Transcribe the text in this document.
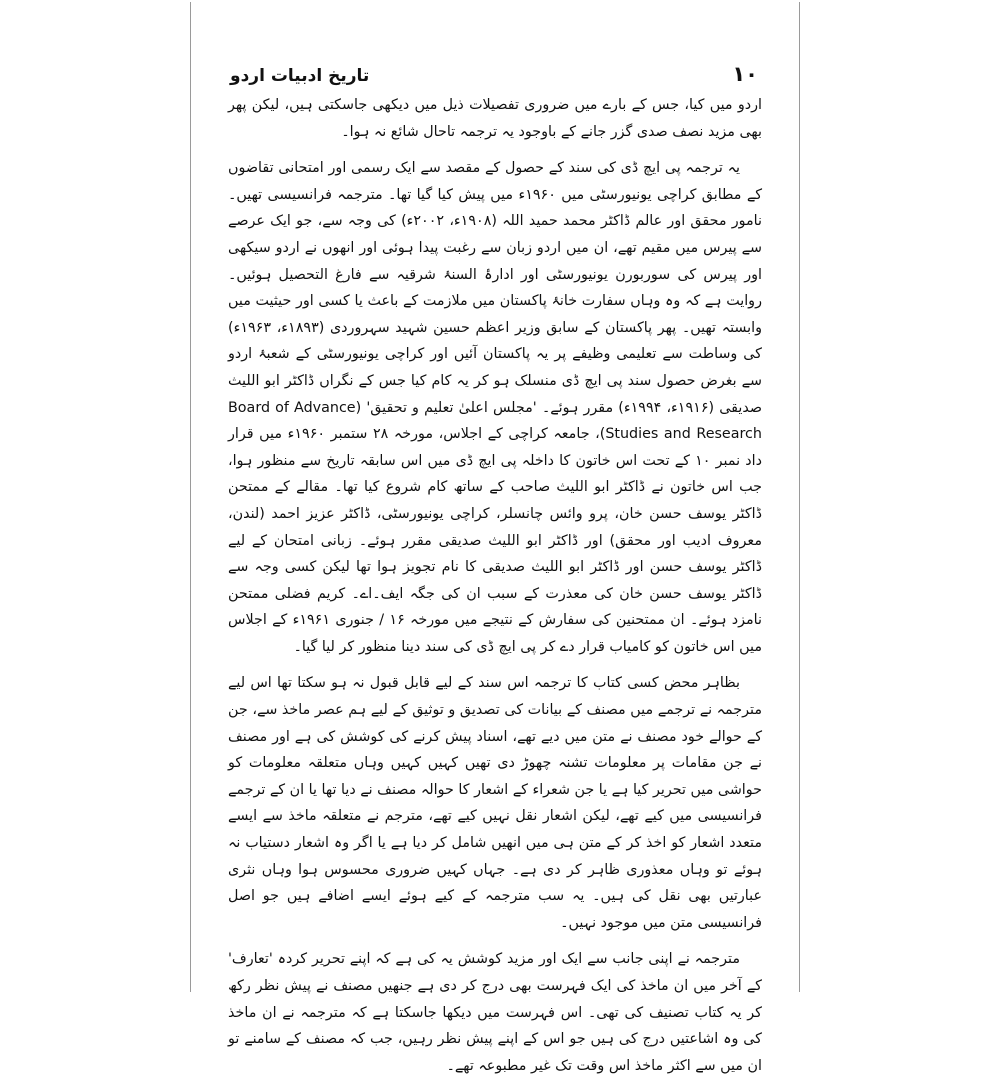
۱۰
تاریخ ادبیات اردو

اردو میں کیا، جس کے بارے میں ضروری تفصیلات ذیل میں دیکھی جاسکتی ہیں، لیکن پھر بھی مزید نصف صدی گزر جانے کے باوجود یہ ترجمہ تاحال شائع نہ ہوا۔

یہ ترجمہ پی ایچ ڈی کی سند کے حصول کے مقصد سے ایک رسمی اور امتحانی تقاضوں کے مطابق کراچی یونیورسٹی میں ۱۹۶۰ء میں پیش کیا گیا تھا۔ مترجمہ فرانسیسی تھیں۔ نامور محقق اور عالم ڈاکٹر محمد حمید اللہ (۱۹۰۸ء، ۲۰۰۲ء) کی وجہ سے، جو ایک عرصے سے پیرس میں مقیم تھے، ان میں اردو زبان سے رغبت پیدا ہوئی اور انھوں نے اردو سیکھی اور پیرس کی سوربورن یونیورسٹی اور ادارۂ السنۂ شرقیہ سے فارغ التحصیل ہوئیں۔ روایت ہے کہ وہ وہاں سفارت خانۂ پاکستان میں ملازمت کے باعث یا کسی اور حیثیت میں وابستہ تھیں۔ پھر پاکستان کے سابق وزیر اعظم حسین شہید سہروردی (۱۸۹۳ء، ۱۹۶۳ء) کی وساطت سے تعلیمی وظیفے پر یہ پاکستان آئیں اور کراچی یونیورسٹی کے شعبۂ اردو سے بغرض حصول سند پی ایچ ڈی منسلک ہو کر یہ کام کیا جس کے نگراں ڈاکٹر ابو اللیث صدیقی (۱۹۱۶ء، ۱۹۹۴ء) مقرر ہوئے۔ 'مجلس اعلیٰ تعلیم و تحقیق' (Board of Advance Studies and Research)، جامعہ کراچی کے اجلاس، مورخہ ۲۸ ستمبر ۱۹۶۰ء میں قرار داد نمبر ۱۰ کے تحت اس خاتون کا داخلہ پی ایچ ڈی میں اس سابقہ تاریخ سے منظور ہوا، جب اس خاتون نے ڈاکٹر ابو اللیث صاحب کے ساتھ کام شروع کیا تھا۔ مقالے کے ممتحن ڈاکٹر یوسف حسن خان، پرو وائس چانسلر، کراچی یونیورسٹی، ڈاکٹر عزیز احمد (لندن، معروف ادیب اور محقق) اور ڈاکٹر ابو اللیث صدیقی مقرر ہوئے۔ زبانی امتحان کے لیے ڈاکٹر یوسف حسن اور ڈاکٹر ابو اللیث صدیقی کا نام تجویز ہوا تھا لیکن کسی وجہ سے ڈاکٹر یوسف حسن خان کی معذرت کے سبب ان کی جگہ ایف۔اے۔ کریم فضلی ممتحن نامزد ہوئے۔ ان ممتحنین کی سفارش کے نتیجے میں مورخہ ۱۶ / جنوری ۱۹۶۱ء کے اجلاس میں اس خاتون کو کامیاب قرار دے کر پی ایچ ڈی کی سند دینا منظور کر لیا گیا۔

بظاہر محض کسی کتاب کا ترجمہ اس سند کے لیے قابل قبول نہ ہو سکتا تھا اس لیے مترجمہ نے ترجمے میں مصنف کے بیانات کی تصدیق و توثیق کے لیے ہم عصر ماخذ سے، جن کے حوالے خود مصنف نے متن میں دیے تھے، اسناد پیش کرنے کی کوشش کی ہے اور مصنف نے جن مقامات پر معلومات تشنہ چھوڑ دی تھیں کہیں کہیں وہاں متعلقہ معلومات کو حواشی میں تحریر کیا ہے یا جن شعراء کے اشعار کا حوالہ مصنف نے دیا تھا یا ان کے ترجمے فرانسیسی میں کیے تھے، لیکن اشعار نقل نہیں کیے تھے، مترجم نے متعلقہ ماخذ سے ایسے متعدد اشعار کو اخذ کر کے متن ہی میں انھیں شامل کر دیا ہے یا اگر وہ اشعار دستیاب نہ ہوئے تو وہاں معذوری ظاہر کر دی ہے۔ جہاں کہیں ضروری محسوس ہوا وہاں نثری عبارتیں بھی نقل کی ہیں۔ یہ سب مترجمہ کے کیے ہوئے ایسے اضافے ہیں جو اصل فرانسیسی متن میں موجود نہیں۔

مترجمہ نے اپنی جانب سے ایک اور مزید کوشش یہ کی ہے کہ اپنے تحریر کردہ 'تعارف' کے آخر میں ان ماخذ کی ایک فہرست بھی درج کر دی ہے جنھیں مصنف نے پیش نظر رکھ کر یہ کتاب تصنیف کی تھی۔ اس فہرست میں دیکھا جاسکتا ہے کہ مترجمہ نے ان ماخذ کی وہ اشاعتیں درج کی ہیں جو اس کے اپنے پیش نظر رہیں، جب کہ مصنف کے سامنے تو ان میں سے اکثر ماخذ اس وقت تک غیر مطبوعہ تھے۔
